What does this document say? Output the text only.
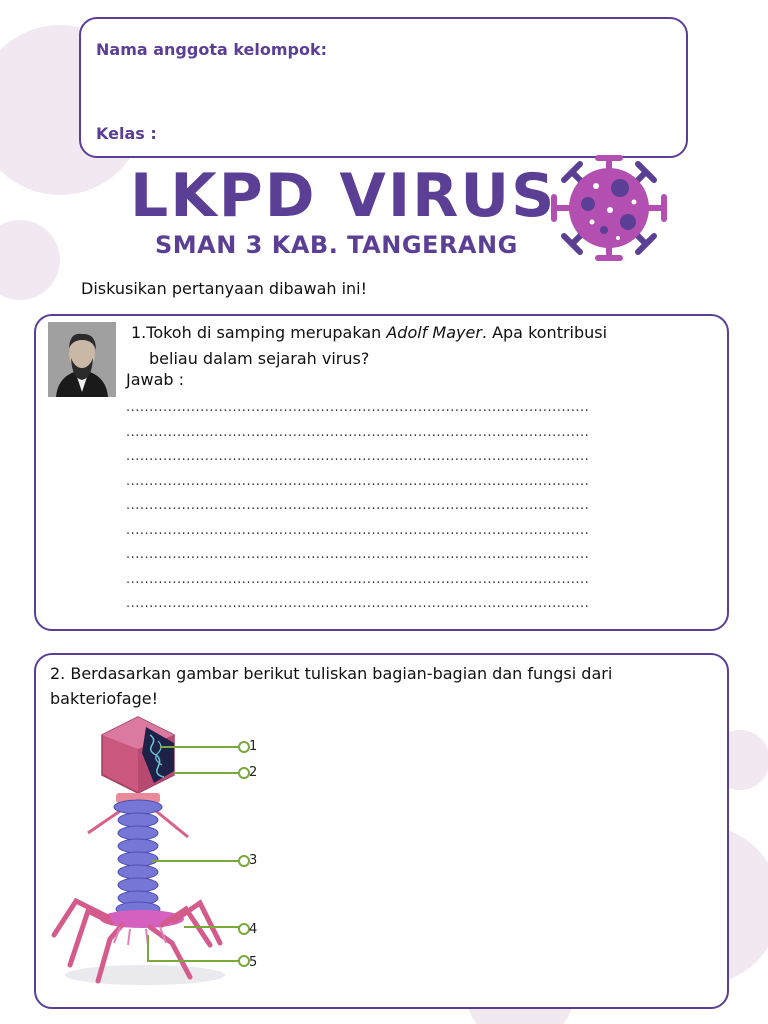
Nama anggota kelompok:
Kelas :
LKPD VIRUS
SMAN 3 KAB. TANGERANG
Diskusikan pertanyaan dibawah ini!
1.Tokoh di samping merupakan Adolf Mayer. Apa kontribusi
beliau dalam sejarah virus?
Jawab :
....................................................................................................
....................................................................................................
....................................................................................................
....................................................................................................
....................................................................................................
....................................................................................................
....................................................................................................
....................................................................................................
....................................................................................................
2. Berdasarkan gambar berikut tuliskan bagian-bagian dan fungsi dari
bakteriofage!
1
2
3
4
5
